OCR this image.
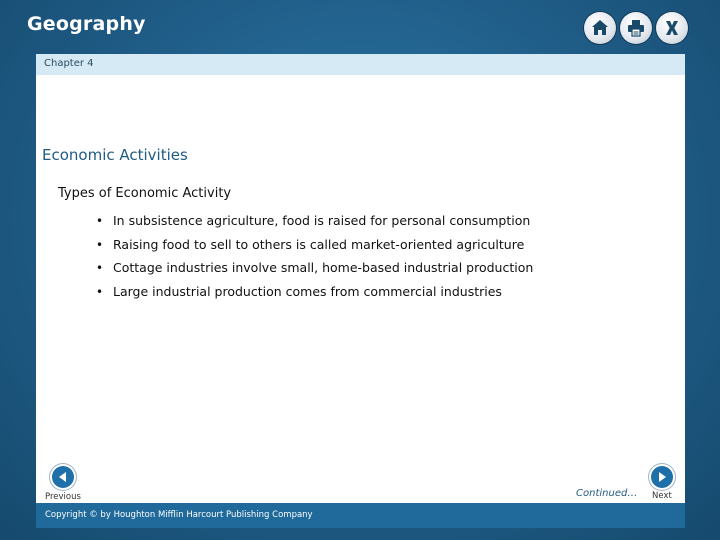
Geography
Chapter 4
Economic Activities
Types of Economic Activity
• In subsistence agriculture, food is raised for personal consumption
• Raising food to sell to others is called market-oriented agriculture
• Cottage industries involve small, home-based industrial production
• Large industrial production comes from commercial industries
Previous	Continued… Next
Copyright © by Houghton Mifflin Harcourt Publishing Company
